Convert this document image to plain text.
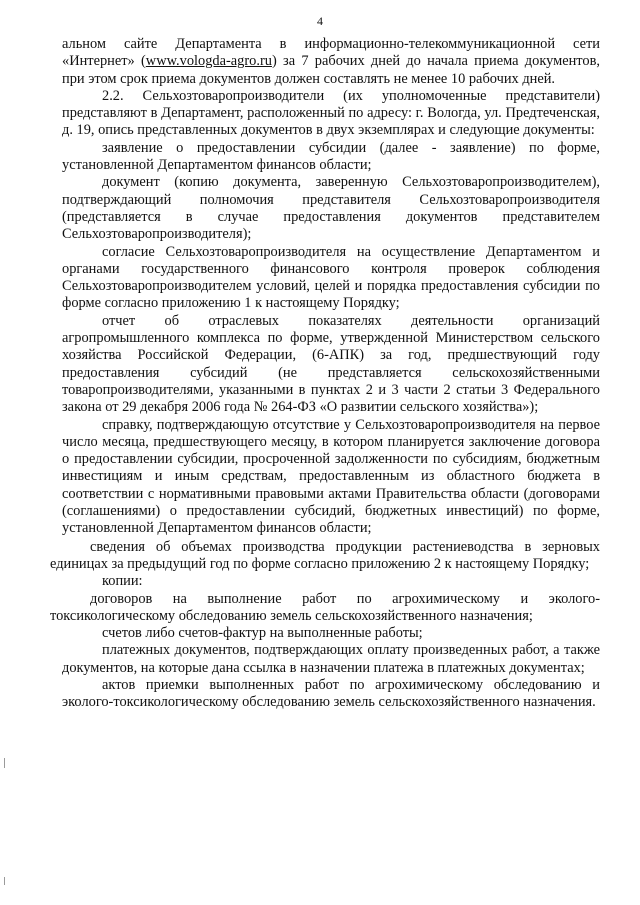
4

альном сайте Департамента в информационно-телекоммуникационной сети «Интернет» (www.vologda-agro.ru) за 7 рабочих дней до начала приема документов, при этом срок приема документов должен составлять не менее 10 рабочих дней.

2.2. Сельхозтоваропроизводители (их уполномоченные представители) представляют в Департамент, расположенный по адресу: г. Вологда, ул. Предтеченская, д. 19, опись представленных документов в двух экземплярах и следующие документы:

заявление о предоставлении субсидии (далее - заявление) по форме, установленной Департаментом финансов области;

документ (копию документа, заверенную Сельхозтоваропроизводителем), подтверждающий полномочия представителя Сельхозтоваропроизводителя (представляется в случае предоставления документов представителем Сельхозтоваропроизводителя);

согласие Сельхозтоваропроизводителя на осуществление Департаментом и органами государственного финансового контроля проверок соблюдения Сельхозтоваропроизводителем условий, целей и порядка предоставления субсидии по форме согласно приложению 1 к настоящему Порядку;

отчет об отраслевых показателях деятельности организаций агропромышленного комплекса по форме, утвержденной Министерством сельского хозяйства Российской Федерации, (6-АПК) за год, предшествующий году предоставления субсидий (не представляется сельскохозяйственными товаропроизводителями, указанными в пунктах 2 и 3 части 2 статьи 3 Федерального закона от 29 декабря 2006 года № 264-ФЗ «О развитии сельского хозяйства»);

справку, подтверждающую отсутствие у Сельхозтоваропроизводителя на первое число месяца, предшествующего месяцу, в котором планируется заключение договора о предоставлении субсидии, просроченной задолженности по субсидиям, бюджетным инвестициям и иным средствам, предоставленным из областного бюджета в соответствии с нормативными правовыми актами Правительства области (договорами (соглашениями) о предоставлении субсидий, бюджетных инвестиций) по форме, установленной Департаментом финансов области;

сведения об объемах производства продукции растениеводства в зерновых единицах за предыдущий год по форме согласно приложению 2 к настоящему Порядку;

копии:

договоров на выполнение работ по агрохимическому и эколого-токсикологическому обследованию земель сельскохозяйственного назначения;

счетов либо счетов-фактур на выполненные работы;

платежных документов, подтверждающих оплату произведенных работ, а также документов, на которые дана ссылка в назначении платежа в платежных документах;

актов приемки выполненных работ по агрохимическому обследованию и эколого-токсикологическому обследованию земель сельскохозяйственного назначения.
